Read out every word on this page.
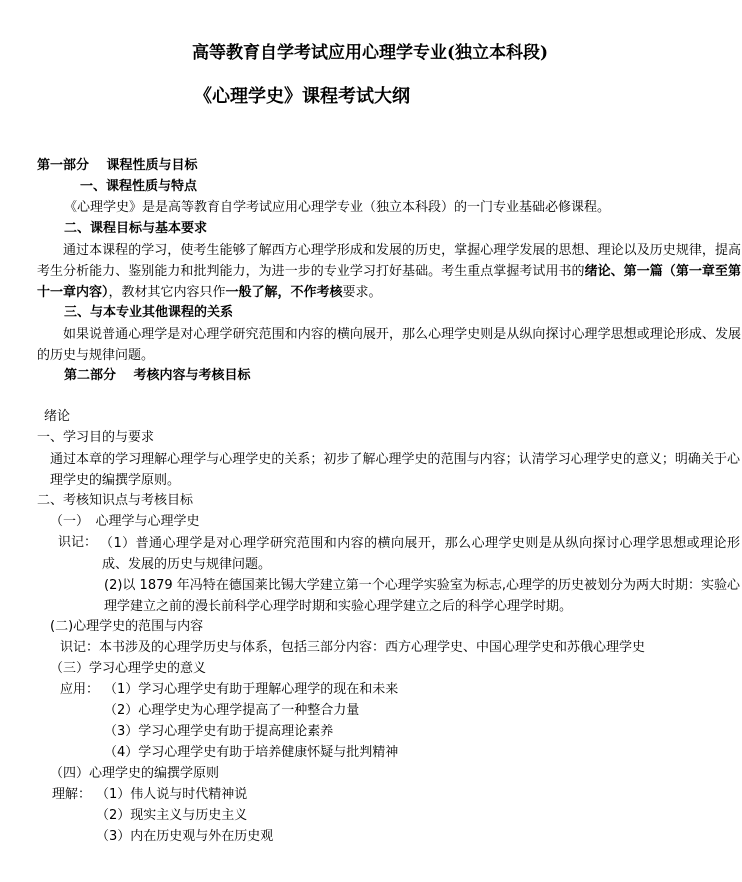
高等教育自学考试应用心理学专业(独立本科段)
《心理学史》课程考试大纲
第一部分　 课程性质与目标
一、课程性质与特点
《心理学史》是是高等教育自学考试应用心理学专业（独立本科段）的一门专业基础必修课程。
二、课程目标与基本要求
通过本课程的学习，使考生能够了解西方心理学形成和发展的历史，掌握心理学发展的思想、理论以及历史规律，提高考生分析能力、鉴别能力和批判能力，为进一步的专业学习打好基础。考生重点掌握考试用书的绪论、第一篇（第一章至第十一章内容），教材其它内容只作一般了解，不作考核要求。
三、与本专业其他课程的关系
如果说普通心理学是对心理学研究范围和内容的横向展开，那么心理学史则是从纵向探讨心理学思想或理论形成、发展的历史与规律问题。
第二部分　 考核内容与考核目标
绪论
一、学习目的与要求
通过本章的学习理解心理学与心理学史的关系；初步了解心理学史的范围与内容；认清学习心理学史的意义；明确关于心理学史的编撰学原则。
二、考核知识点与考核目标
（一）　心理学与心理学史
识记： （1）普通心理学是对心理学研究范围和内容的横向展开，那么心理学史则是从纵向探讨心理学思想或理论形成、发展的历史与规律问题。
(2)以 1879 年冯特在德国莱比锡大学建立第一个心理学实验室为标志,心理学的历史被划分为两大时期：实验心理学建立之前的漫长前科学心理学时期和实验心理学建立之后的科学心理学时期。
(二)心理学史的范围与内容
识记：本书涉及的心理学历史与体系，包括三部分内容：西方心理学史、中国心理学史和苏俄心理学史
（三）学习心理学史的意义
应用： （1）学习心理学史有助于理解心理学的现在和未来
（2）心理学史为心理学提高了一种整合力量
（3）学习心理学史有助于提高理论素养
（4）学习心理学史有助于培养健康怀疑与批判精神
（四）心理学史的编撰学原则
理解： （1）伟人说与时代精神说
（2）现实主义与历史主义
（3）内在历史观与外在历史观
